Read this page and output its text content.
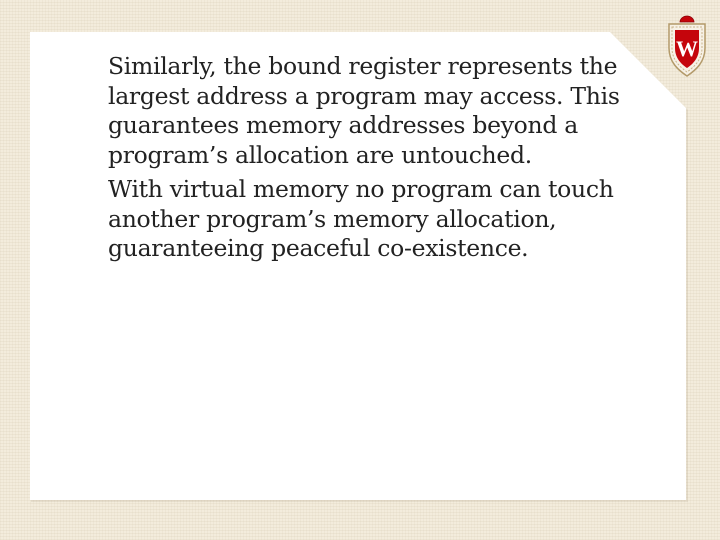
W

Similarly, the bound register represents the largest address a program may access. This guarantees memory addresses beyond a program’s allocation are untouched.

With virtual memory no program can touch another program’s memory allocation, guaranteeing peaceful co-existence.
